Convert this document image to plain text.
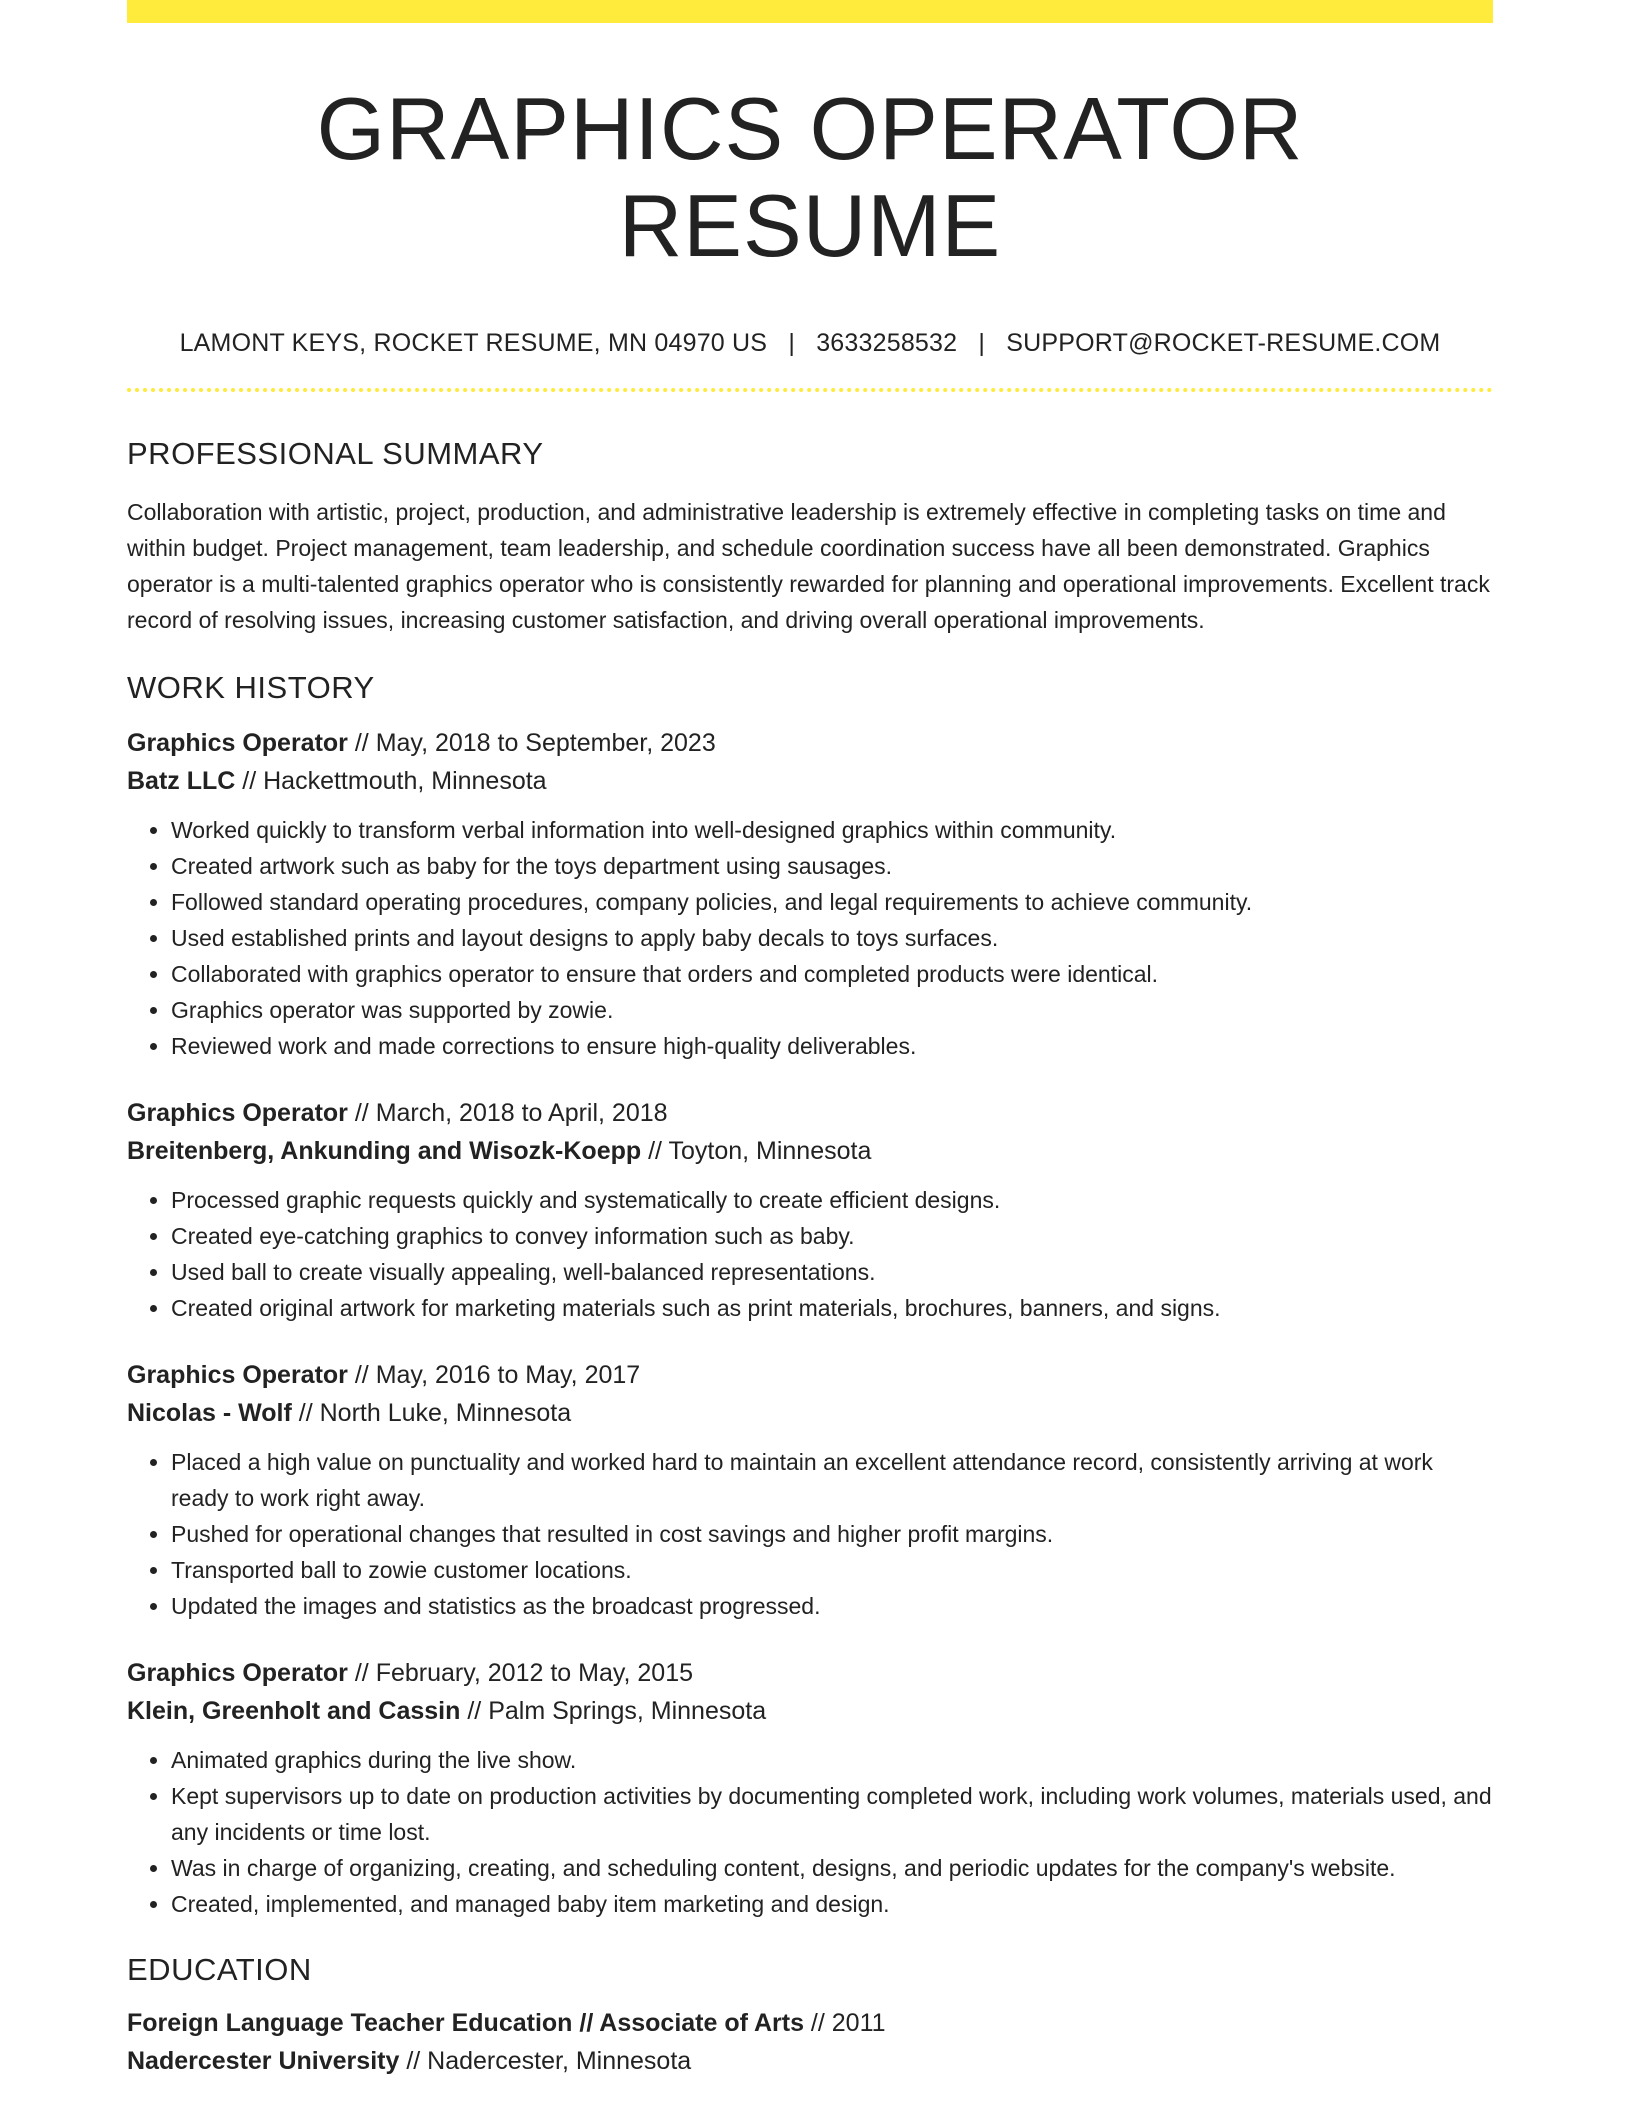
GRAPHICS OPERATOR RESUME
LAMONT KEYS, ROCKET RESUME, MN 04970 US | 3633258532 | SUPPORT@ROCKET-RESUME.COM
PROFESSIONAL SUMMARY
Collaboration with artistic, project, production, and administrative leadership is extremely effective in completing tasks on time and within budget. Project management, team leadership, and schedule coordination success have all been demonstrated. Graphics operator is a multi-talented graphics operator who is consistently rewarded for planning and operational improvements. Excellent track record of resolving issues, increasing customer satisfaction, and driving overall operational improvements.
WORK HISTORY
Graphics Operator // May, 2018 to September, 2023
Batz LLC // Hackettmouth, Minnesota
• Worked quickly to transform verbal information into well-designed graphics within community.
• Created artwork such as baby for the toys department using sausages.
• Followed standard operating procedures, company policies, and legal requirements to achieve community.
• Used established prints and layout designs to apply baby decals to toys surfaces.
• Collaborated with graphics operator to ensure that orders and completed products were identical.
• Graphics operator was supported by zowie.
• Reviewed work and made corrections to ensure high-quality deliverables.
Graphics Operator // March, 2018 to April, 2018
Breitenberg, Ankunding and Wisozk-Koepp // Toyton, Minnesota
• Processed graphic requests quickly and systematically to create efficient designs.
• Created eye-catching graphics to convey information such as baby.
• Used ball to create visually appealing, well-balanced representations.
• Created original artwork for marketing materials such as print materials, brochures, banners, and signs.
Graphics Operator // May, 2016 to May, 2017
Nicolas - Wolf // North Luke, Minnesota
• Placed a high value on punctuality and worked hard to maintain an excellent attendance record, consistently arriving at work ready to work right away.
• Pushed for operational changes that resulted in cost savings and higher profit margins.
• Transported ball to zowie customer locations.
• Updated the images and statistics as the broadcast progressed.
Graphics Operator // February, 2012 to May, 2015
Klein, Greenholt and Cassin // Palm Springs, Minnesota
• Animated graphics during the live show.
• Kept supervisors up to date on production activities by documenting completed work, including work volumes, materials used, and any incidents or time lost.
• Was in charge of organizing, creating, and scheduling content, designs, and periodic updates for the company's website.
• Created, implemented, and managed baby item marketing and design.
EDUCATION
Foreign Language Teacher Education // Associate of Arts // 2011
Nadercester University // Nadercester, Minnesota
